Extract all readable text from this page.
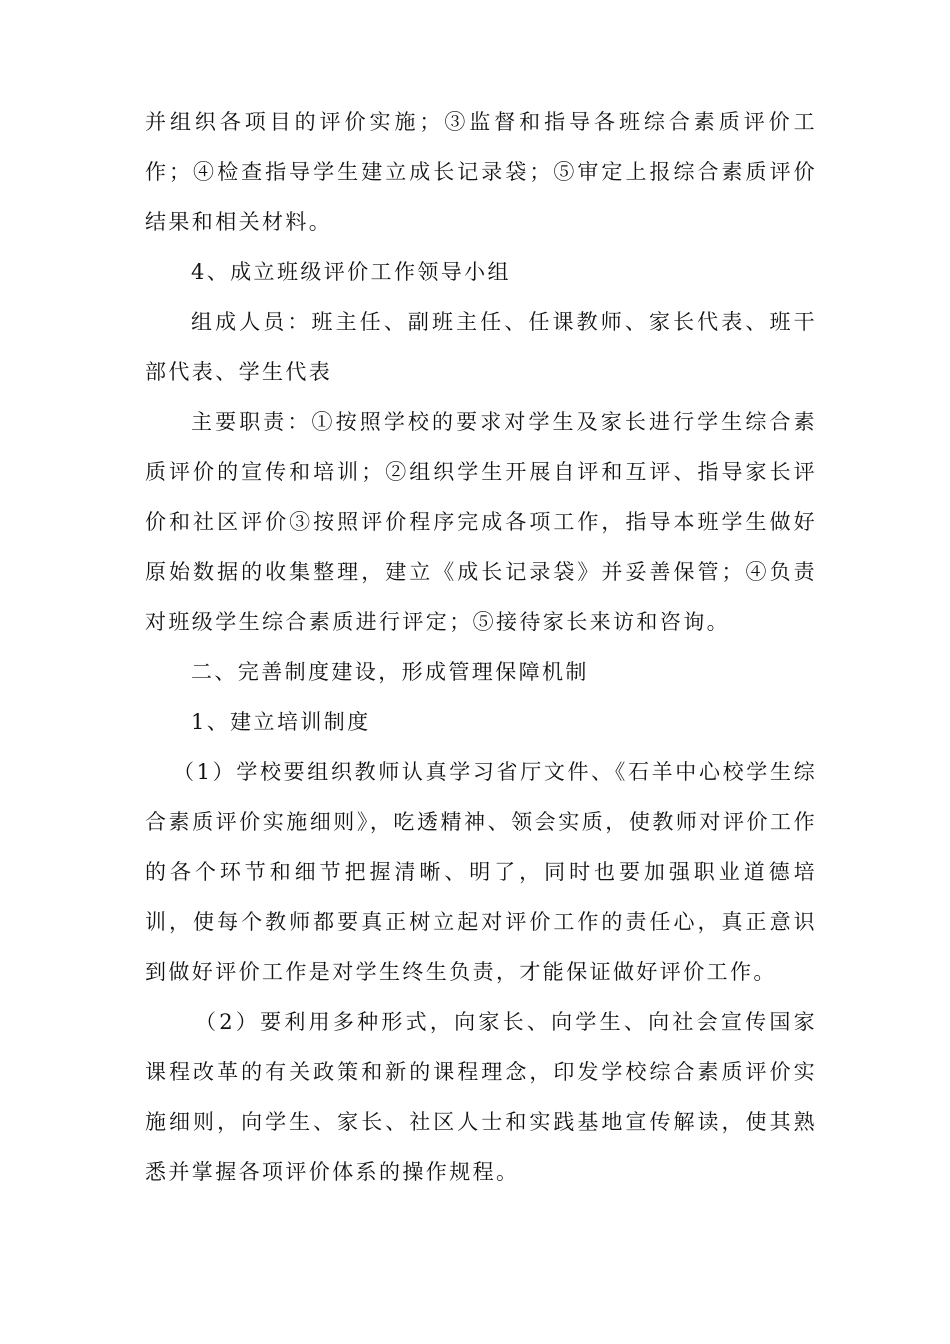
并组织各项目的评价实施；③监督和指导各班综合素质评价工作；④检查指导学生建立成长记录袋；⑤审定上报综合素质评价结果和相关材料。

4、成立班级评价工作领导小组

组成人员：班主任、副班主任、任课教师、家长代表、班干部代表、学生代表

主要职责：①按照学校的要求对学生及家长进行学生综合素质评价的宣传和培训；②组织学生开展自评和互评、指导家长评价和社区评价③按照评价程序完成各项工作，指导本班学生做好原始数据的收集整理，建立《成长记录袋》并妥善保管；④负责对班级学生综合素质进行评定；⑤接待家长来访和咨询。

二、完善制度建设，形成管理保障机制

1、建立培训制度

（1）学校要组织教师认真学习省厅文件、《石羊中心校学生综合素质评价实施细则》，吃透精神、领会实质，使教师对评价工作的各个环节和细节把握清晰、明了，同时也要加强职业道德培训，使每个教师都要真正树立起对评价工作的责任心，真正意识到做好评价工作是对学生终生负责，才能保证做好评价工作。

（2）要利用多种形式，向家长、向学生、向社会宣传国家课程改革的有关政策和新的课程理念，印发学校综合素质评价实施细则，向学生、家长、社区人士和实践基地宣传解读，使其熟悉并掌握各项评价体系的操作规程。
